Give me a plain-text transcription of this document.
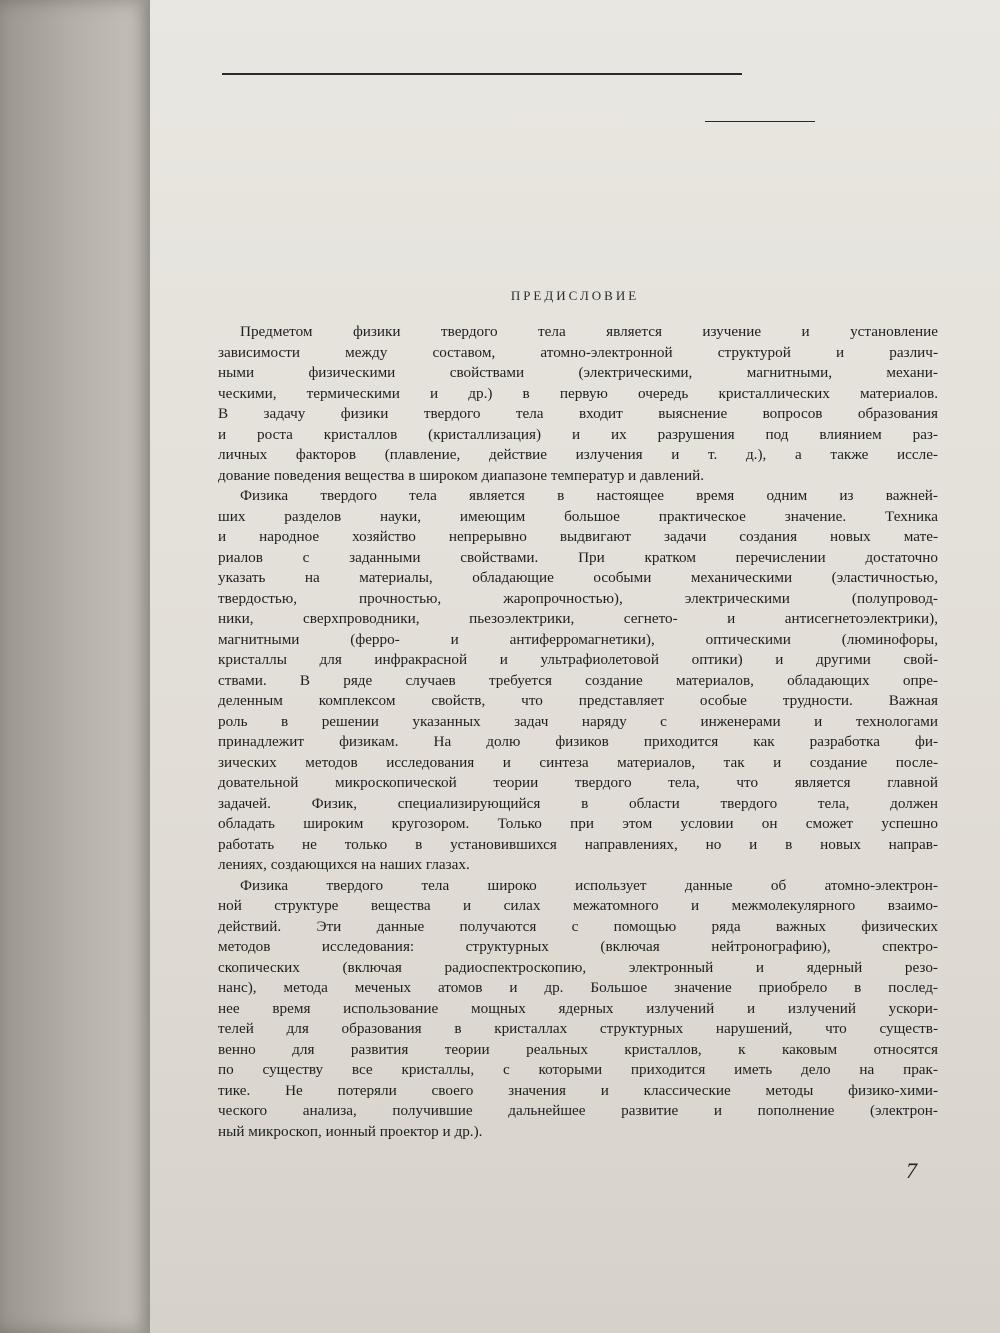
ПРЕДИСЛОВИЕ

Предметом физики твердого тела является изучение и установление
зависимости между составом, атомно-электронной структурой и различ-
ными физическими свойствами (электрическими, магнитными, механи-
ческими, термическими и др.) в первую очередь кристаллических материалов.
В задачу физики твердого тела входит выяснение вопросов образования
и роста кристаллов (кристаллизация) и их разрушения под влиянием раз-
личных факторов (плавление, действие излучения и т. д.), а также иссле-
дование поведения вещества в широком диапазоне температур и давлений.

Физика твердого тела является в настоящее время одним из важней-
ших разделов науки, имеющим большое практическое значение. Техника
и народное хозяйство непрерывно выдвигают задачи создания новых мате-
риалов с заданными свойствами. При кратком перечислении достаточно
указать на материалы, обладающие особыми механическими (эластичностью,
твердостью, прочностью, жаропрочностью), электрическими (полупровод-
ники, сверхпроводники, пьезоэлектрики, сегнето- и антисегнетоэлектрики),
магнитными (ферро- и антиферромагнетики), оптическими (люминофоры,
кристаллы для инфракрасной и ультрафиолетовой оптики) и другими свой-
ствами. В ряде случаев требуется создание материалов, обладающих опре-
деленным комплексом свойств, что представляет особые трудности. Важная
роль в решении указанных задач наряду с инженерами и технологами
принадлежит физикам. На долю физиков приходится как разработка фи-
зических методов исследования и синтеза материалов, так и создание после-
довательной микроскопической теории твердого тела, что является главной
задачей. Физик, специализирующийся в области твердого тела, должен
обладать широким кругозором. Только при этом условии он сможет успешно
работать не только в установившихся направлениях, но и в новых направ-
лениях, создающихся на наших глазах.

Физика твердого тела широко использует данные об атомно-электрон-
ной структуре вещества и силах межатомного и межмолекулярного взаимо-
действий. Эти данные получаются с помощью ряда важных физических
методов исследования: структурных (включая нейтронографию), спектро-
скопических (включая радиоспектроскопию, электронный и ядерный резо-
нанс), метода меченых атомов и др. Большое значение приобрело в послед-
нее время использование мощных ядерных излучений и излучений ускори-
телей для образования в кристаллах структурных нарушений, что существ-
венно для развития теории реальных кристаллов, к каковым относятся
по существу все кристаллы, с которыми приходится иметь дело на прак-
тике. Не потеряли своего значения и классические методы физико-хими-
ческого анализа, получившие дальнейшее развитие и пополнение (электрон-
ный микроскоп, ионный проектор и др.).

7
